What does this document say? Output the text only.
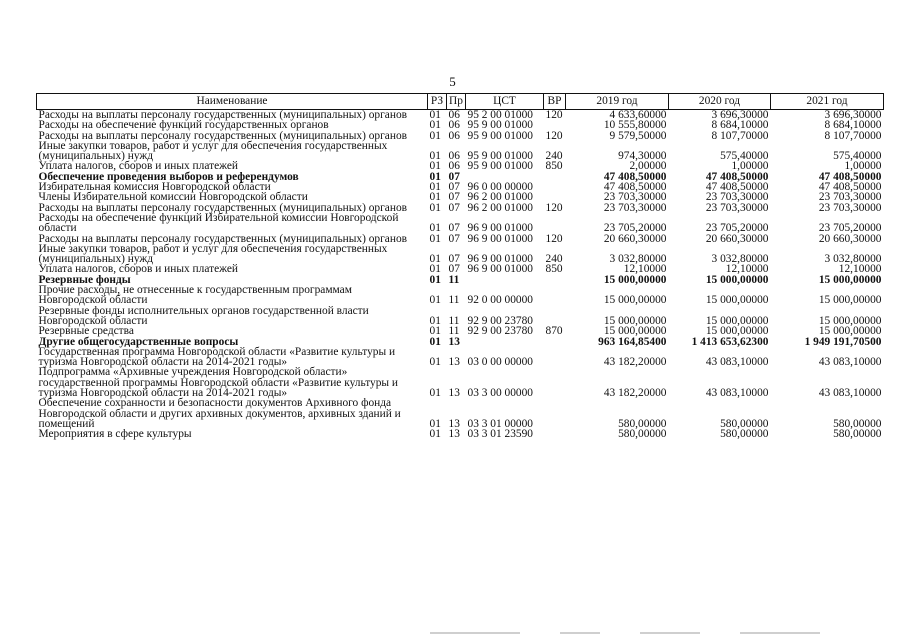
5
Наименование	РЗ	Пр	ЦСТ	ВР	2019 год	2020 год	2021 год
Расходы на выплаты персоналу государственных (муниципальных) органов	01	06	95 2 00 01000	120	4 633,60000	3 696,30000	3 696,30000
Расходы на обеспечение функций государственных органов	01	06	95 9 00 01000		10 555,80000	8 684,10000	8 684,10000
Расходы на выплаты персоналу государственных (муниципальных) органов	01	06	95 9 00 01000	120	9 579,50000	8 107,70000	8 107,70000
Иные закупки товаров, работ и услуг для обеспечения государственных (муниципальных) нужд	01	06	95 9 00 01000	240	974,30000	575,40000	575,40000
Уплата налогов, сборов и иных платежей	01	06	95 9 00 01000	850	2,00000	1,00000	1,00000
Обеспечение проведения выборов и референдумов	01	07			47 408,50000	47 408,50000	47 408,50000
Избирательная комиссия Новгородской области	01	07	96 0 00 00000		47 408,50000	47 408,50000	47 408,50000
Члены Избирательной комиссии Новгородской области	01	07	96 2 00 01000		23 703,30000	23 703,30000	23 703,30000
Расходы на выплаты персоналу государственных (муниципальных) органов	01	07	96 2 00 01000	120	23 703,30000	23 703,30000	23 703,30000
Расходы на обеспечение функций Избирательной комиссии Новгородской области	01	07	96 9 00 01000		23 705,20000	23 705,20000	23 705,20000
Расходы на выплаты персоналу государственных (муниципальных) органов	01	07	96 9 00 01000	120	20 660,30000	20 660,30000	20 660,30000
Иные закупки товаров, работ и услуг для обеспечения государственных (муниципальных) нужд	01	07	96 9 00 01000	240	3 032,80000	3 032,80000	3 032,80000
Уплата налогов, сборов и иных платежей	01	07	96 9 00 01000	850	12,10000	12,10000	12,10000
Резервные фонды	01	11			15 000,00000	15 000,00000	15 000,00000
Прочие расходы, не отнесенные к государственным программам Новгородской области	01	11	92 0 00 00000		15 000,00000	15 000,00000	15 000,00000
Резервные фонды исполнительных органов государственной власти Новгородской области	01	11	92 9 00 23780		15 000,00000	15 000,00000	15 000,00000
Резервные средства	01	11	92 9 00 23780	870	15 000,00000	15 000,00000	15 000,00000
Другие общегосударственные вопросы	01	13			963 164,85400	1 413 653,62300	1 949 191,70500
Государственная программа Новгородской области «Развитие культуры и туризма Новгородской области на 2014-2021 годы»	01	13	03 0 00 00000		43 182,20000	43 083,10000	43 083,10000
Подпрограмма «Архивные учреждения Новгородской области» государственной программы Новгородской области «Развитие культуры и туризма Новгородской области на 2014-2021 годы»	01	13	03 3 00 00000		43 182,20000	43 083,10000	43 083,10000
Обеспечение сохранности и безопасности документов Архивного фонда Новгородской области и других архивных документов, архивных зданий и помещений	01	13	03 3 01 00000		580,00000	580,00000	580,00000
Мероприятия в сфере культуры	01	13	03 3 01 23590		580,00000	580,00000	580,00000
